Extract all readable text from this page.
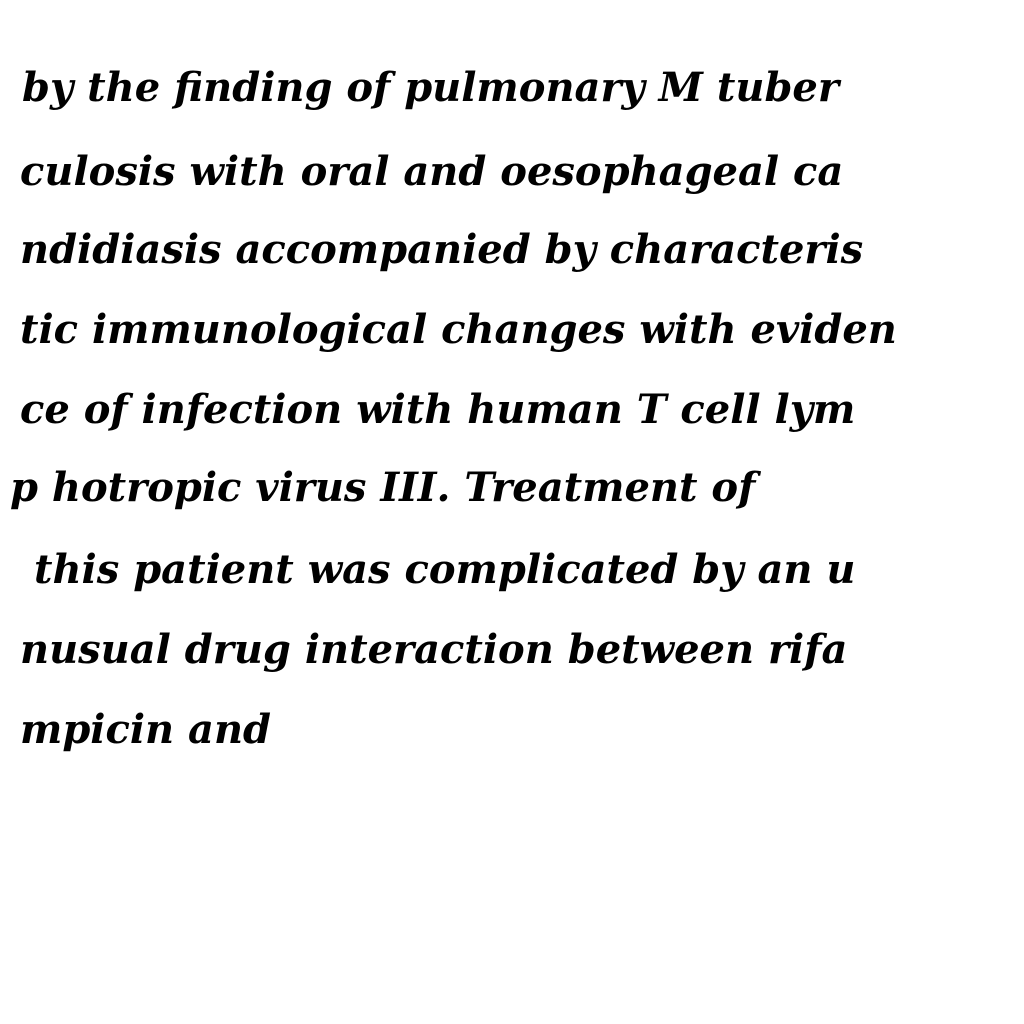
by the finding of pulmonary M tuber
culosis with oral and oesophageal ca
ndidiasis accompanied by characteris
tic immunological changes with eviden
ce of infection with human T cell lym
p hotropic virus III. Treatment of
this patient was complicated by an u
nusual drug interaction between rifa
mpicin and
